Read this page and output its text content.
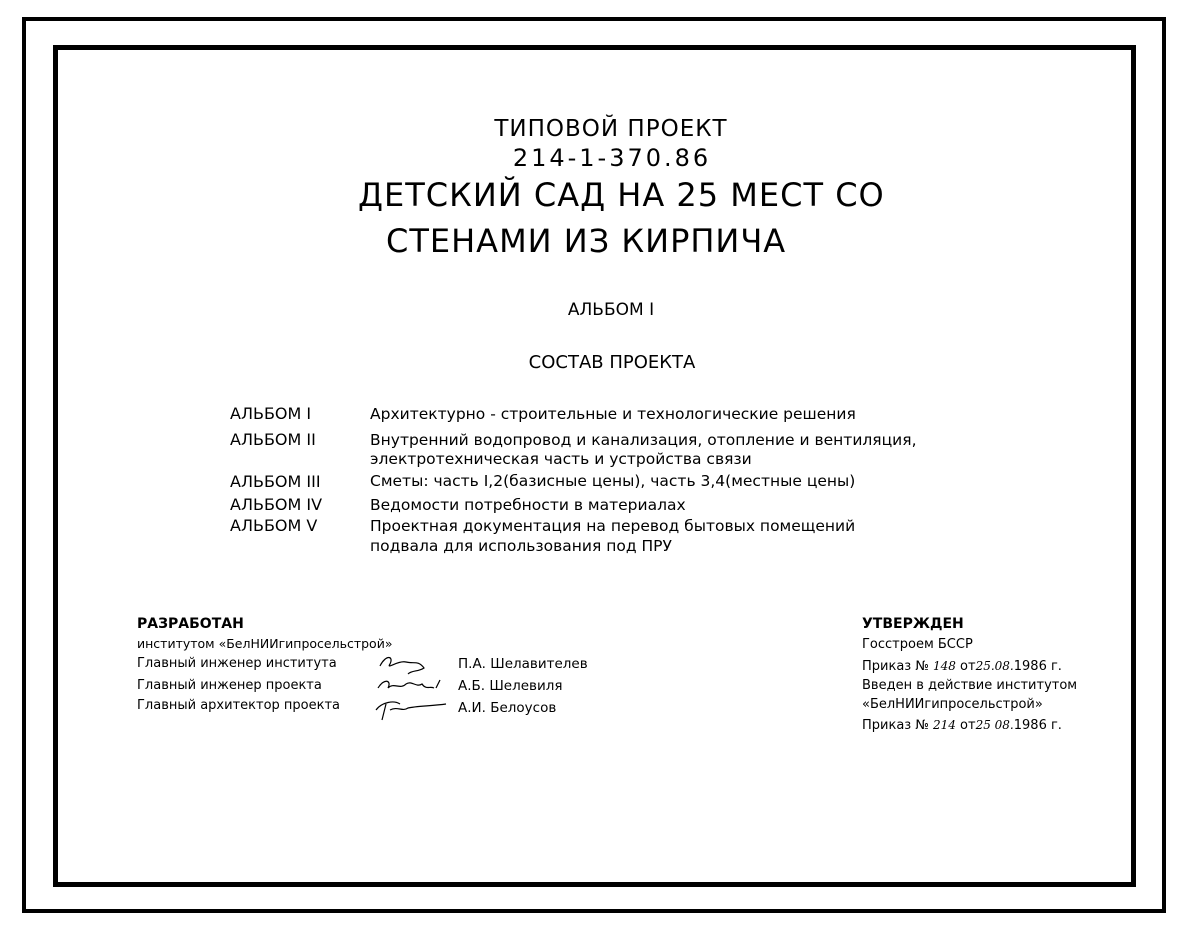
ТИПОВОЙ ПРОЕКТ
214-1-370.86
ДЕТСКИЙ САД НА 25 МЕСТ СО
СТЕНАМИ ИЗ КИРПИЧА
АЛЬБОМ I
СОСТАВ ПРОЕКТА
АЛЬБОМ I	Архитектурно - строительные и технологические решения
АЛЬБОМ II	Внутренний водопровод и канализация, отопление и вентиляция,
электротехническая часть и устройства связи
АЛЬБОМ III	Сметы: часть I,2(базисные цены), часть 3,4(местные цены)
АЛЬБОМ IV	Ведомости потребности в материалах
АЛЬБОМ V	Проектная документация на перевод бытовых помещений
подвала для использования под ПРУ
РАЗРАБОТАН
институтом «БелНИИгипросельстрой»
Главный инженер института	П.А. Шелавителев
Главный инженер проекта	А.Б. Шелевиля
Главный архитектор проекта	А.И. Белоусов
УТВЕРЖДЕН
Госстроем БССР
Приказ № 148 от25.08.1986 г.
Введен в действие институтом
«БелНИИгипросельстрой»
Приказ № 214 от25 08.1986 г.
